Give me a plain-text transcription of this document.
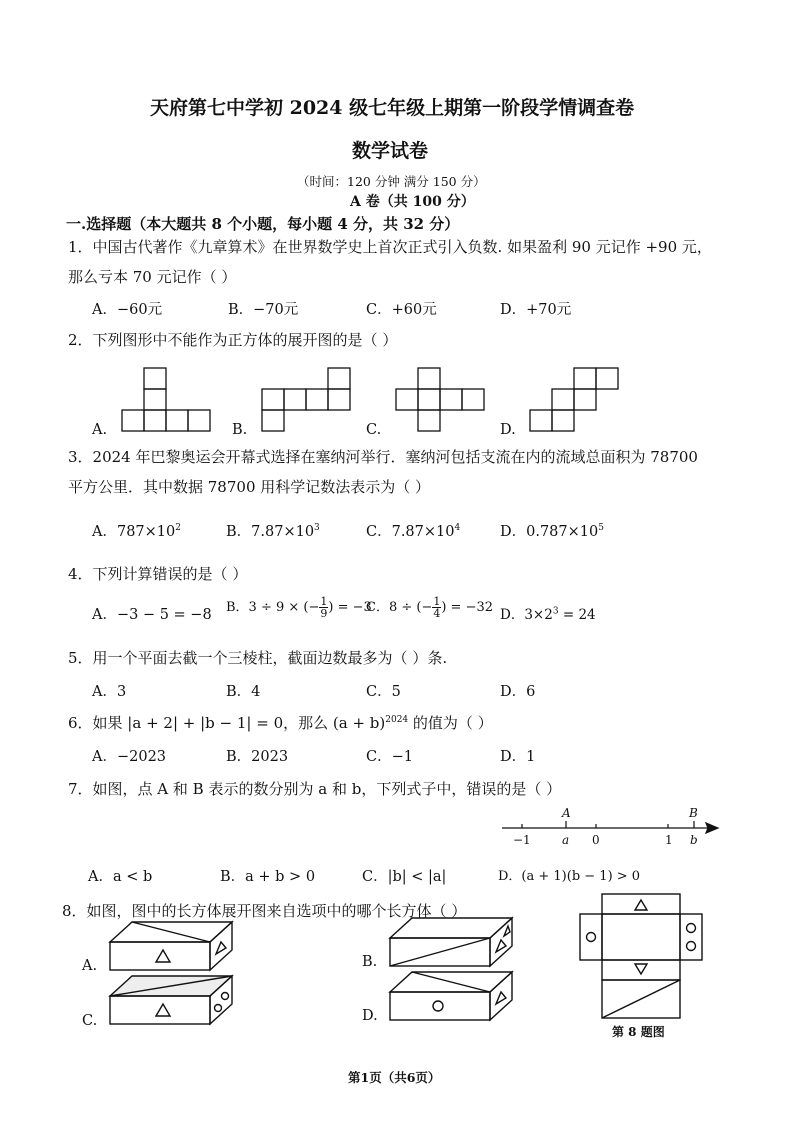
天府第七中学初 2024 级七年级上期第一阶段学情调查卷
数学试卷
（时间：120 分钟 满分 150 分）
A 卷（共 100 分）
一.选择题（本大题共 8 个小题，每小题 4 分，共 32 分）
1．中国古代著作《九章算术》在世界数学史上首次正式引入负数. 如果盈利 90 元记作 +90 元，
那么亏本 70 元记作（ ）
A．−60元	B．−70元	C．+60元	D．+70元
2．下列图形中不能作为正方体的展开图的是（ ）
A.	B.	C.	D.
3．2024 年巴黎奥运会开幕式选择在塞纳河举行．塞纳河包括支流在内的流域总面积为 78700
平方公里．其中数据 78700 用科学记数法表示为（ ）
A．$787\times 10^2$	B．$7.87\times 10^3$	C．$7.87\times 10^4$	D．$0.787\times 10^5$
4．下列计算错误的是（ ）
A．−3 − 5 = −8 B．3 ÷ 9 × (− $\frac{1}{9}$ ) = −3
C．8 ÷ (− $\frac{1}{4}$ ) = −32 D．$3\times 2^3 = 24$
5．用一个平面去截一个三棱柱，截面边数最多为（ ）条.
A．3	B．4	C．5	D．6
6．如果 |a + 2| + |b − 1| = 0，那么 $(a + b)^{2024}$ 的值为（ ）
A．−2023	B．2023	C．−1	D．1
7．如图，点 A 和 B 表示的数分别为 a 和 b，下列式子中，错误的是（ ）
A	B
−1	a 0	1 b
A．a < b	B．a + b > 0	C．|b| < |a|	D．(a + 1)(b − 1) > 0
8．如图，图中的长方体展开图来自选项中的哪个长方体（ ）
A.	B.
C.	D.
第 8 题图
第1页（共6页）
